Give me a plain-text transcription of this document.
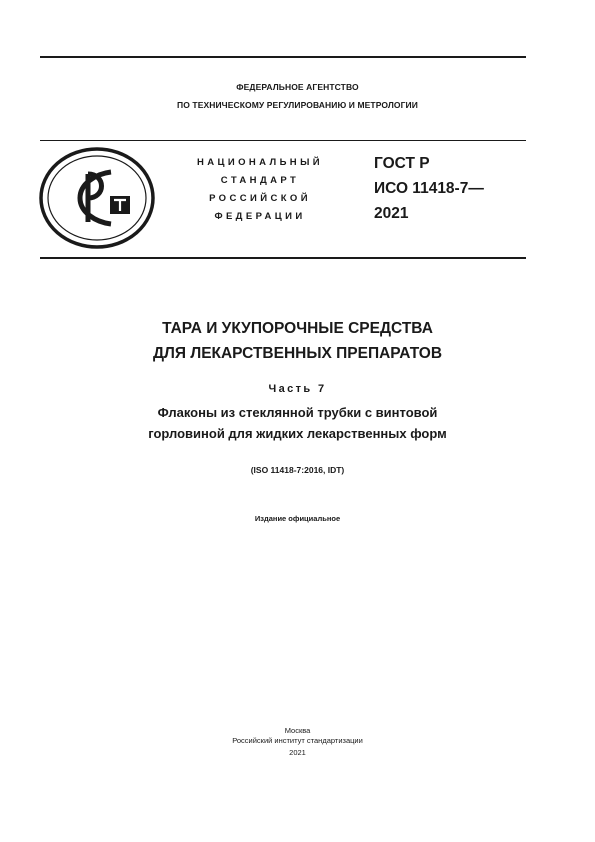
ФЕДЕРАЛЬНОЕ АГЕНТСТВО
ПО ТЕХНИЧЕСКОМУ РЕГУЛИРОВАНИЮ И МЕТРОЛОГИИ
НАЦИОНАЛЬНЫЙ
СТАНДАРТ
РОССИЙСКОЙ
ФЕДЕРАЦИИ
ГОСТ Р
ИСО 11418-7—
2021
ТАРА И УКУПОРОЧНЫЕ СРЕДСТВА
ДЛЯ ЛЕКАРСТВЕННЫХ ПРЕПАРАТОВ
Часть 7
Флаконы из стеклянной трубки с винтовой
горловиной для жидких лекарственных форм
(ISO 11418-7:2016, IDT)
Издание официальное
Москва
Российский институт стандартизации
2021
